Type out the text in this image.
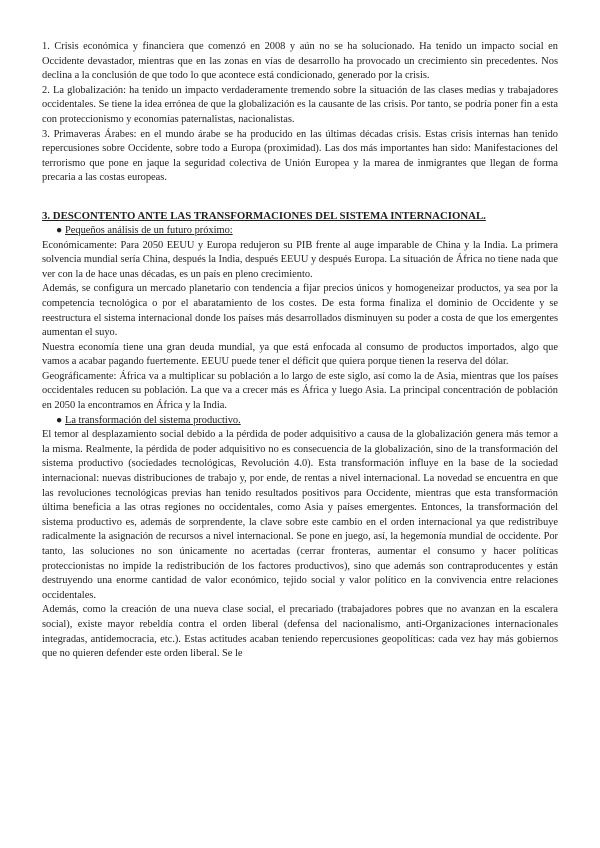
1. Crisis económica y financiera que comenzó en 2008 y aún no se ha solucionado. Ha tenido un impacto social en Occidente devastador, mientras que en las zonas en vías de desarrollo ha provocado un crecimiento sin precedentes. Nos declina a la conclusión de que todo lo que acontece está condicionado, generado por la crisis.

2. La globalización: ha tenido un impacto verdaderamente tremendo sobre la situación de las clases medias y trabajadores occidentales. Se tiene la idea errónea de que la globalización es la causante de las crisis. Por tanto, se podría poner fin a esta con proteccionismo y economías paternalistas, nacionalistas.

3. Primaveras Árabes: en el mundo árabe se ha producido en las últimas décadas crisis. Estas crisis internas han tenido repercusiones sobre Occidente, sobre todo a Europa (proximidad). Las dos más importantes han sido: Manifestaciones del terrorismo que pone en jaque la seguridad colectiva de Unión Europea y la marea de inmigrantes que llegan de forma precaria a las costas europeas.

3. DESCONTENTO ANTE LAS TRANSFORMACIONES DEL SISTEMA INTERNACIONAL.

● Pequeños análisis de un futuro próximo:

Económicamente: Para 2050 EEUU y Europa redujeron su PIB frente al auge imparable de China y la India. La primera solvencia mundial sería China, después la India, después EEUU y después Europa. La situación de África no tiene nada que ver con la de hace unas décadas, es un país en pleno crecimiento.

Además, se configura un mercado planetario con tendencia a fijar precios únicos y homogeneizar productos, ya sea por la competencia tecnológica o por el abaratamiento de los costes. De esta forma finaliza el dominio de Occidente y se reestructura el sistema internacional donde los países más desarrollados disminuyen su poder a costa de que los emergentes aumentan el suyo.

Nuestra economía tiene una gran deuda mundial, ya que está enfocada al consumo de productos importados, algo que vamos a acabar pagando fuertemente. EEUU puede tener el déficit que quiera porque tienen la reserva del dólar.

Geográficamente: África va a multiplicar su población a lo largo de este siglo, así como la de Asia, mientras que los países occidentales reducen su población. La que va a crecer más es África y luego Asia. La principal concentración de población en 2050 la encontramos en África y la India.

● La transformación del sistema productivo.

El temor al desplazamiento social debido a la pérdida de poder adquisitivo a causa de la globalización genera más temor a la misma. Realmente, la pérdida de poder adquisitivo no es consecuencia de la globalización, sino de la transformación del sistema productivo (sociedades tecnológicas, Revolución 4.0). Esta transformación influye en la base de la sociedad internacional: nuevas distribuciones de trabajo y, por ende, de rentas a nivel internacional. La novedad se encuentra en que las revoluciones tecnológicas previas han tenido resultados positivos para Occidente, mientras que esta transformación última beneficia a las otras regiones no occidentales, como Asia y países emergentes. Entonces, la transformación del sistema productivo es, además de sorprendente, la clave sobre este cambio en el orden internacional ya que redistribuye radicalmente la asignación de recursos a nivel internacional. Se pone en juego, así, la hegemonía mundial de occidente. Por tanto, las soluciones no son únicamente no acertadas (cerrar fronteras, aumentar el consumo y hacer políticas proteccionistas no impide la redistribución de los factores productivos), sino que además son contraproducentes y están destruyendo una enorme cantidad de valor económico, tejido social y valor político en la convivencia entre relaciones occidentales.

Además, como la creación de una nueva clase social, el precariado (trabajadores pobres que no avanzan en la escalera social), existe mayor rebeldía contra el orden liberal (defensa del nacionalismo, anti-Organizaciones internacionales integradas, antidemocracia, etc.). Estas actitudes acaban teniendo repercusiones geopolíticas: cada vez hay más gobiernos que no quieren defender este orden liberal. Se le
